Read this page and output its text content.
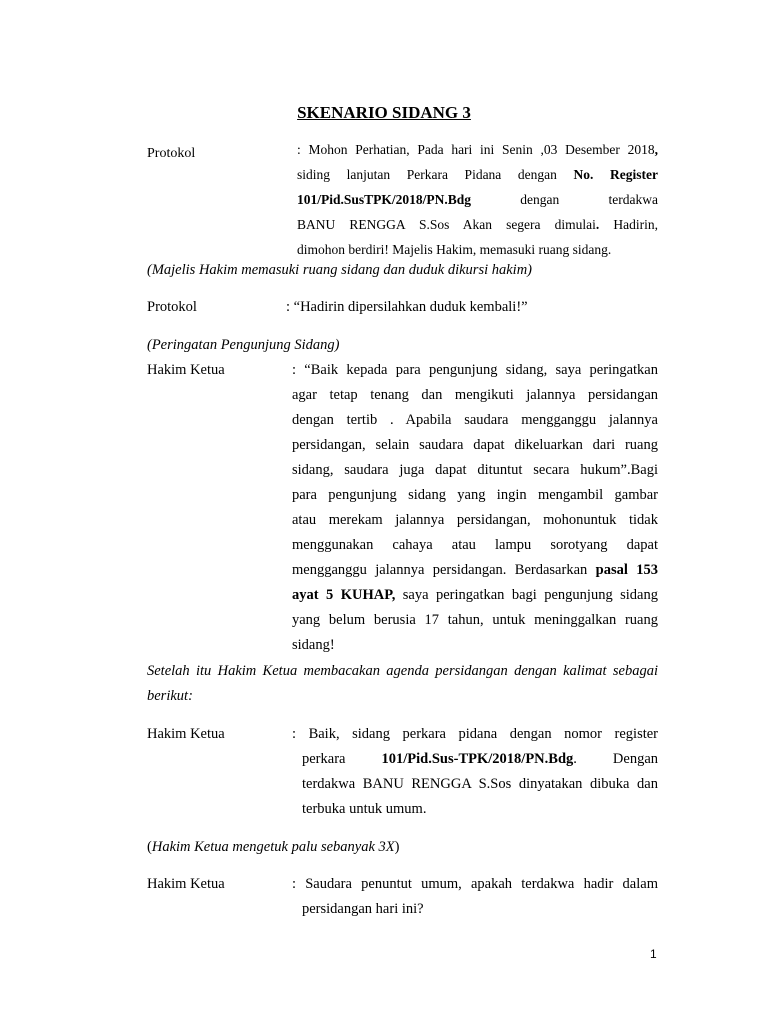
SKENARIO SIDANG 3
Protokol	: Mohon Perhatian, Pada hari ini Senin ,03 Desember 2018,
siding lanjutan Perkara Pidana dengan No. Register
101/Pid.SusTPK/2018/PN.Bdg dengan terdakwa
BANU RENGGA S.Sos Akan segera dimulai. Hadirin,
dimohon berdiri! Majelis Hakim, memasuki ruang sidang.
(Majelis Hakim memasuki ruang sidang dan duduk dikursi hakim)
Protokol	: “Hadirin dipersilahkan duduk kembali!”
(Peringatan Pengunjung Sidang)
Hakim Ketua	: “Baik kepada para pengunjung sidang, saya peringatkan
agar tetap tenang dan mengikuti jalannya persidangan
dengan tertib . Apabila saudara mengganggu jalannya
persidangan, selain saudara dapat dikeluarkan dari ruang
sidang, saudara juga dapat dituntut secara hukum”.Bagi
para pengunjung sidang yang ingin mengambil gambar
atau merekam jalannya persidangan, mohonuntuk tidak
menggunakan cahaya atau lampu sorotyang dapat
mengganggu jalannya persidangan. Berdasarkan pasal 153
ayat 5 KUHAP, saya peringatkan bagi pengunjung sidang
yang belum berusia 17 tahun, untuk meninggalkan ruang
sidang!
Setelah itu Hakim Ketua membacakan agenda persidangan dengan kalimat sebagai berikut:
Hakim Ketua	: Baik, sidang perkara pidana dengan nomor register
perkara 101/Pid.Sus-TPK/2018/PN.Bdg. Dengan
terdakwa BANU RENGGA S.Sos dinyatakan dibuka dan
terbuka untuk umum.
(Hakim Ketua mengetuk palu sebanyak 3X)
Hakim Ketua	: Saudara penuntut umum, apakah terdakwa hadir dalam
persidangan hari ini?
1
